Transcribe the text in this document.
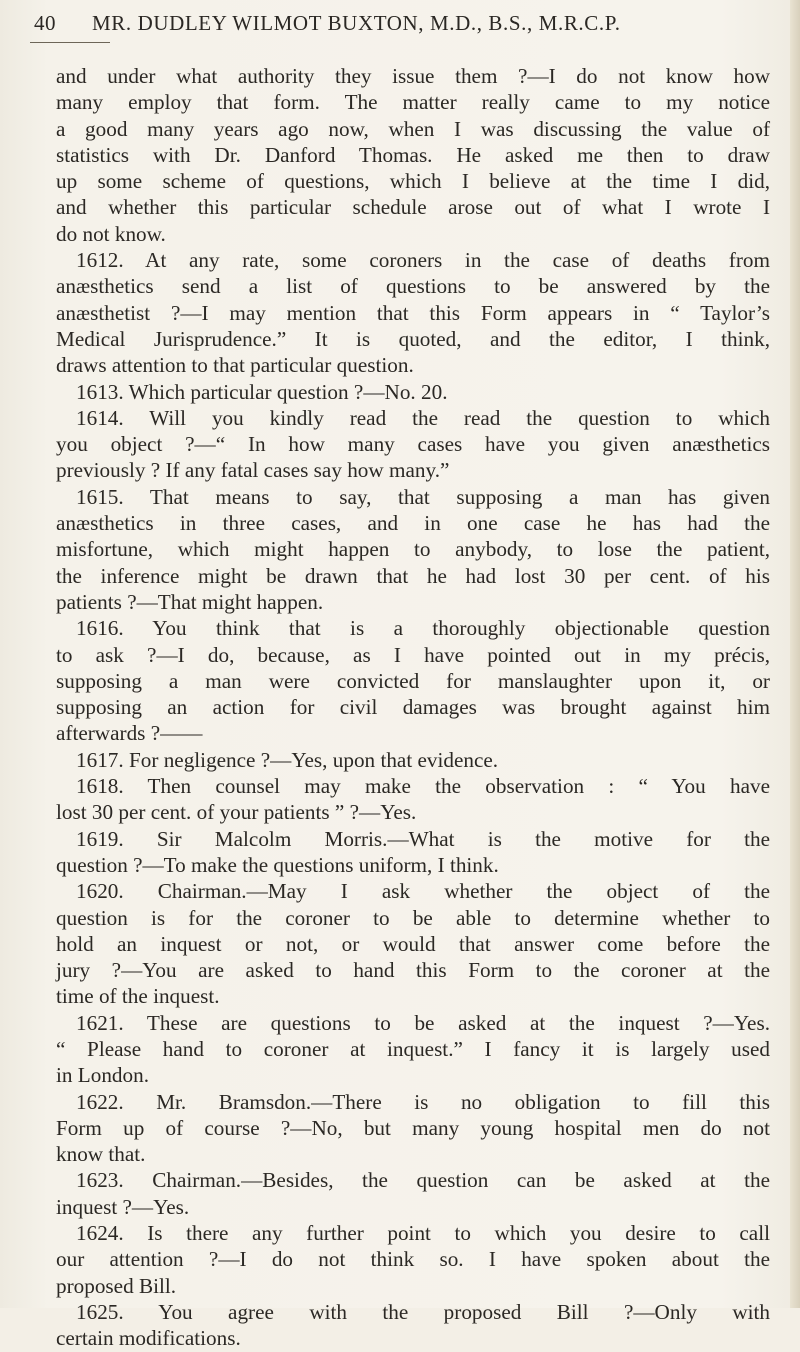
40 MR. DUDLEY WILMOT BUXTON, M.D., B.S., M.R.C.P.
and under what authority they issue them ?—I do not know how
many employ that form. The matter really came to my notice
a good many years ago now, when I was discussing the value of
statistics with Dr. Danford Thomas. He asked me then to draw
up some scheme of questions, which I believe at the time I did,
and whether this particular schedule arose out of what I wrote I
do not know.
1612. At any rate, some coroners in the case of deaths from
anæsthetics send a list of questions to be answered by the
anæsthetist ?—I may mention that this Form appears in “ Taylor’s
Medical Jurisprudence.” It is quoted, and the editor, I think,
draws attention to that particular question.
1613. Which particular question ?—No. 20.
1614. Will you kindly read the read the question to which
you object ?—“ In how many cases have you given anæsthetics
previously ? If any fatal cases say how many.”
1615. That means to say, that supposing a man has given
anæsthetics in three cases, and in one case he has had the
misfortune, which might happen to anybody, to lose the patient,
the inference might be drawn that he had lost 30 per cent. of his
patients ?—That might happen.
1616. You think that is a thoroughly objectionable question
to ask ?—I do, because, as I have pointed out in my précis,
supposing a man were convicted for manslaughter upon it, or
supposing an action for civil damages was brought against him
afterwards ?——
1617. For negligence ?—Yes, upon that evidence.
1618. Then counsel may make the observation : “ You have
lost 30 per cent. of your patients ” ?—Yes.
1619. Sir Malcolm Morris.—What is the motive for the
question ?—To make the questions uniform, I think.
1620. Chairman.—May I ask whether the object of the
question is for the coroner to be able to determine whether to
hold an inquest or not, or would that answer come before the
jury ?—You are asked to hand this Form to the coroner at the
time of the inquest.
1621. These are questions to be asked at the inquest ?—Yes.
“ Please hand to coroner at inquest.” I fancy it is largely used
in London.
1622. Mr. Bramsdon.—There is no obligation to fill this
Form up of course ?—No, but many young hospital men do not
know that.
1623. Chairman.—Besides, the question can be asked at the
inquest ?—Yes.
1624. Is there any further point to which you desire to call
our attention ?—I do not think so. I have spoken about the
proposed Bill.
1625. You agree with the proposed Bill ?—Only with
certain modifications.
